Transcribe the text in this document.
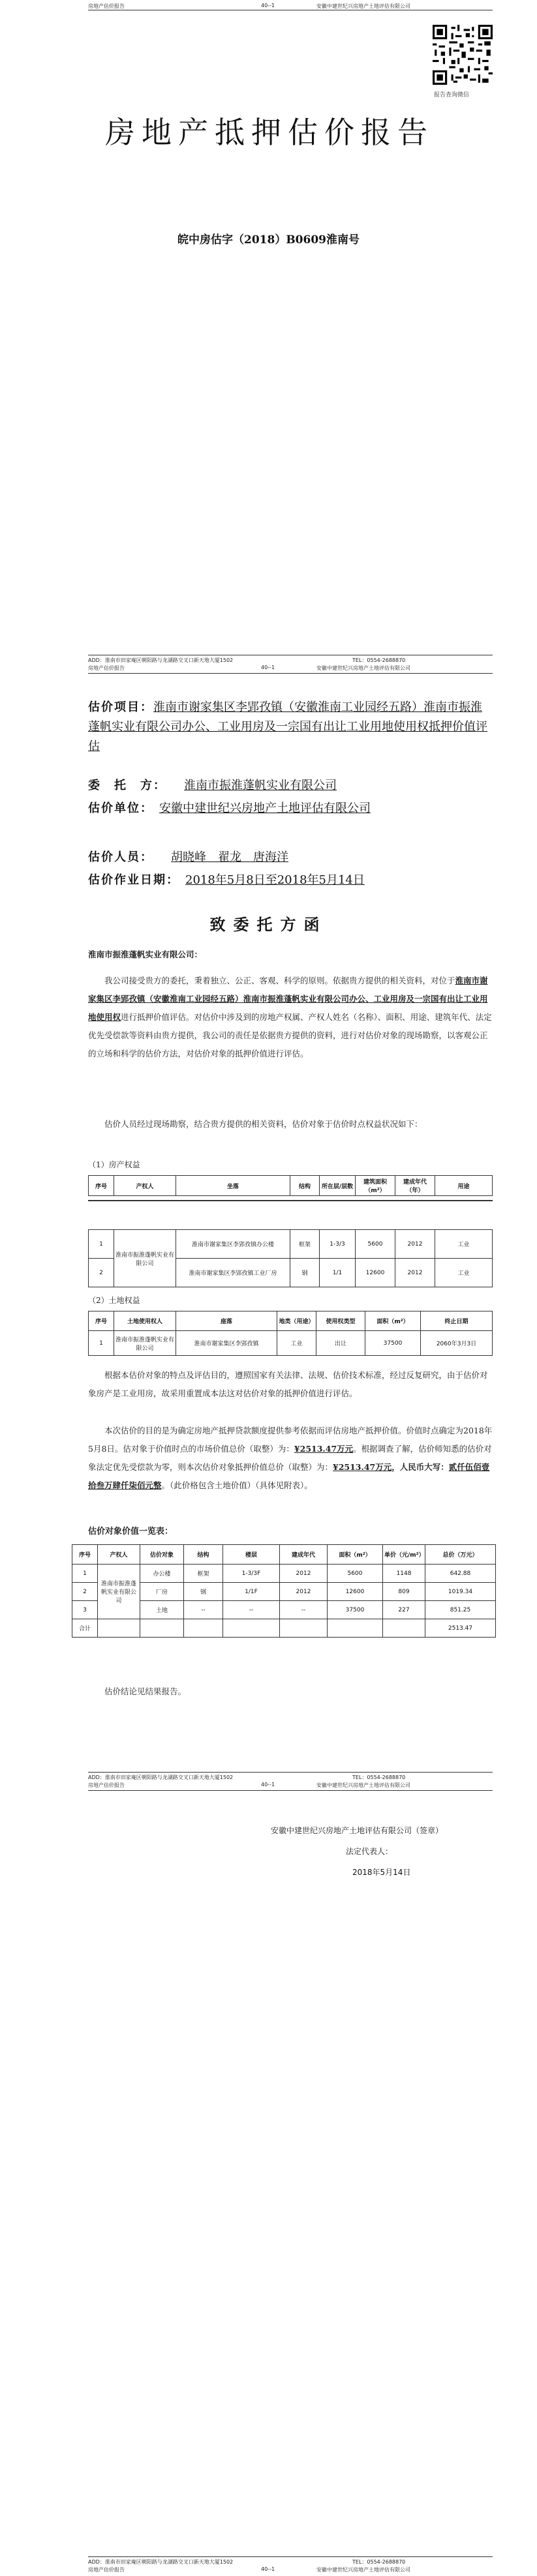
房地产估价报告	40--1	安徽中建世纪兴房地产土地评估有限公司
报告查询微信
房地产抵押估价报告
皖中房估字（2018）B0609淮南号
ADD：淮南市田家庵区朝阳路与龙湖路交叉口新天地大厦1502	TEL：0554-2688870
房地产估价报告	40--1	安徽中建世纪兴房地产土地评估有限公司
估价项目：淮南市谢家集区李郢孜镇（安徽淮南工业园经五路）淮南市振淮蓬帆实业有限公司办公、工业用房及一宗国有出让工业用地使用权抵押价值评估
委　托　方：　　 淮南市振淮蓬帆实业有限公司
估价单位：　 安徽中建世纪兴房地产土地评估有限公司
估价人员：　　 胡晓峰　翟龙　唐海洋
估价作业日期：　 2018年5月8日至2018年5月14日
致委托方函
淮南市振淮蓬帆实业有限公司：
我公司接受贵方的委托，秉着独立、公正、客观、科学的原则。依据贵方提供的相关资料，对位于淮南市谢家集区李郢孜镇（安徽淮南工业园经五路）淮南市振淮蓬帆实业有限公司办公、工业用房及一宗国有出让工业用地使用权进行抵押价值评估。对估价中涉及到的房地产权属、产权人姓名（名称）、面积、用途、建筑年代、法定优先受偿款等资料由贵方提供，我公司的责任是依据贵方提供的资料，进行对估价对象的现场勘察，以客观公正的立场和科学的估价方法，对估价对象的抵押价值进行评估。
估价人员经过现场勘察，结合贵方提供的相关资料，估价对象于估价时点权益状况如下：
（1）房产权益
序号	产权人	坐落	结构	所在层/层数	建筑面积（m²）	建成年代（年）	用途
1	淮南市振淮蓬帆实业有限公司	淮南市谢家集区李郢孜镇办公楼	框架	1-3/3	5600	2012	工业
2		淮南市谢家集区李郢孜镇工业厂房	钢	1/1	12600	2012	工业
（2）土地权益
序号	土地使用权人	座落	地类（用途）	使用权类型	面积（m²）	终止日期
1	淮南市振淮蓬帆实业有限公司	淮南市谢家集区李郢孜镇	工业	出让	37500	2060年3月3日
根据本估价对象的特点及评估目的，遵照国家有关法律、法规、估价技术标准，经过反复研究，由于估价对象房产是工业用房，故采用重置成本法这对估价对象的抵押价值进行评估。
本次估价的目的是为确定房地产抵押贷款额度提供参考依据而评估房地产抵押价值。价值时点确定为2018年5月8日。估对象于价值时点的市场价值总价（取整）为：¥2513.47万元。根据调查了解，估价师知悉的估价对象法定优先受偿款为零，则本次估价对象抵押价值总价（取整）为：¥2513.47万元，人民币大写：贰仟伍佰壹拾叁万肆仟柒佰元整。（此价格包含土地价值）（具体见附表）。
估价对象价值一览表：
序号	产权人	估价对象	结构	楼层	建成年代	面积（m²）	单价（元/m²）	总价（万元）
1	淮南市振淮蓬帆实业有限公司	办公楼	框架	1-3/3F	2012	5600	1148	642.88
2		厂房	钢	1/1F	2012	12600	809	1019.34
3		土地	--	--	--	37500	227	851.25
合计								2513.47
估价结论见结果报告。
ADD：淮南市田家庵区朝阳路与龙湖路交叉口新天地大厦1502	TEL：0554-2688870
房地产估价报告	40--1	安徽中建世纪兴房地产土地评估有限公司
安徽中建世纪兴房地产土地评估有限公司（签章）
法定代表人：
2018年5月14日
ADD：淮南市田家庵区朝阳路与龙湖路交叉口新天地大厦1502	TEL：0554-2688870
房地产估价报告	40--1	安徽中建世纪兴房地产土地评估有限公司
